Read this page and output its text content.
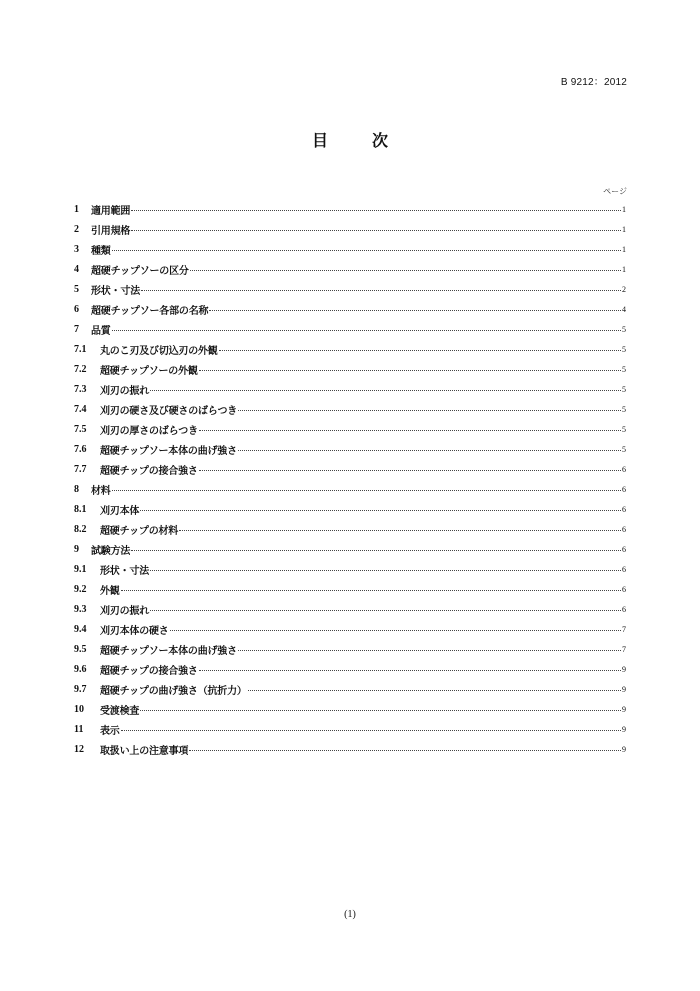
B 9212：2012
目　次
ページ
1	適用範囲	1
2	引用規格	1
3	種類	1
4	超硬チップソーの区分	1
5	形状・寸法	2
6	超硬チップソー各部の名称	4
7	品質	5
7.1	丸のこ刃及び切込刃の外観	5
7.2	超硬チップソーの外観	5
7.3	刈刃の振れ	5
7.4	刈刃の硬さ及び硬さのばらつき	5
7.5	刈刃の厚さのばらつき	5
7.6	超硬チップソー本体の曲げ強さ	5
7.7	超硬チップの接合強さ	6
8	材料	6
8.1	刈刃本体	6
8.2	超硬チップの材料	6
9	試験方法	6
9.1	形状・寸法	6
9.2	外観	6
9.3	刈刃の振れ	6
9.4	刈刃本体の硬さ	7
9.5	超硬チップソー本体の曲げ強さ	7
9.6	超硬チップの接合強さ	9
9.7	超硬チップの曲げ強さ（抗折力）	9
10	受渡検査	9
11	表示	9
12	取扱い上の注意事項	9
(1)
